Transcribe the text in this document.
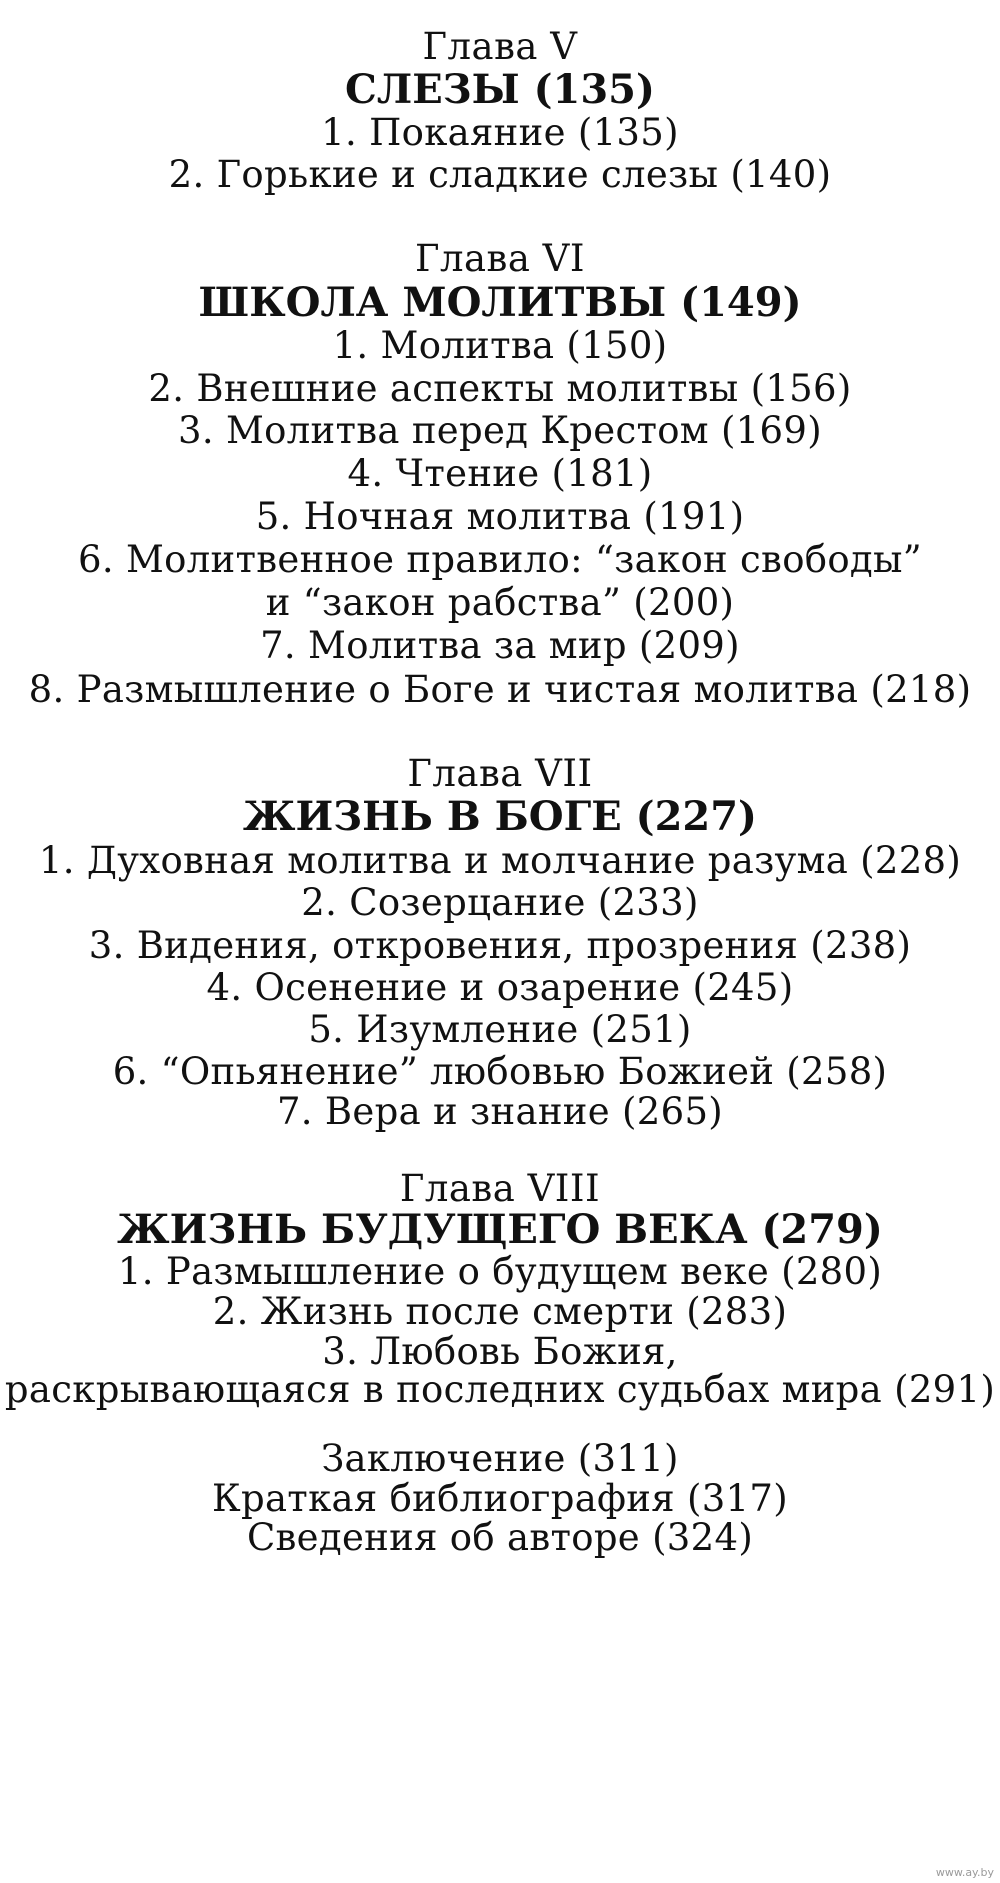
Глава V
СЛЕЗЫ (135)
1. Покаяние (135)
2. Горькие и сладкие слезы (140)
Глава VI
ШКОЛА МОЛИТВЫ (149)
1. Молитва (150)
2. Внешние аспекты молитвы (156)
3. Молитва перед Крестом (169)
4. Чтение (181)
5. Ночная молитва (191)
6. Молитвенное правило: “закон свободы”
и “закон рабства” (200)
7. Молитва за мир (209)
8. Размышление о Боге и чистая молитва (218)
Глава VII
ЖИЗНЬ В БОГЕ (227)
1. Духовная молитва и молчание разума (228)
2. Созерцание (233)
3. Видения, откровения, прозрения (238)
4. Осенение и озарение (245)
5. Изумление (251)
6. “Опьянение” любовью Божией (258)
7. Вера и знание (265)
Глава VIII
ЖИЗНЬ БУДУЩЕГО ВЕКА (279)
1. Размышление о будущем веке (280)
2. Жизнь после смерти (283)
3. Любовь Божия,
раскрывающаяся в последних судьбах мира (291)
Заключение (311)
Краткая библиография (317)
Сведения об авторе (324)
www.ay.by
